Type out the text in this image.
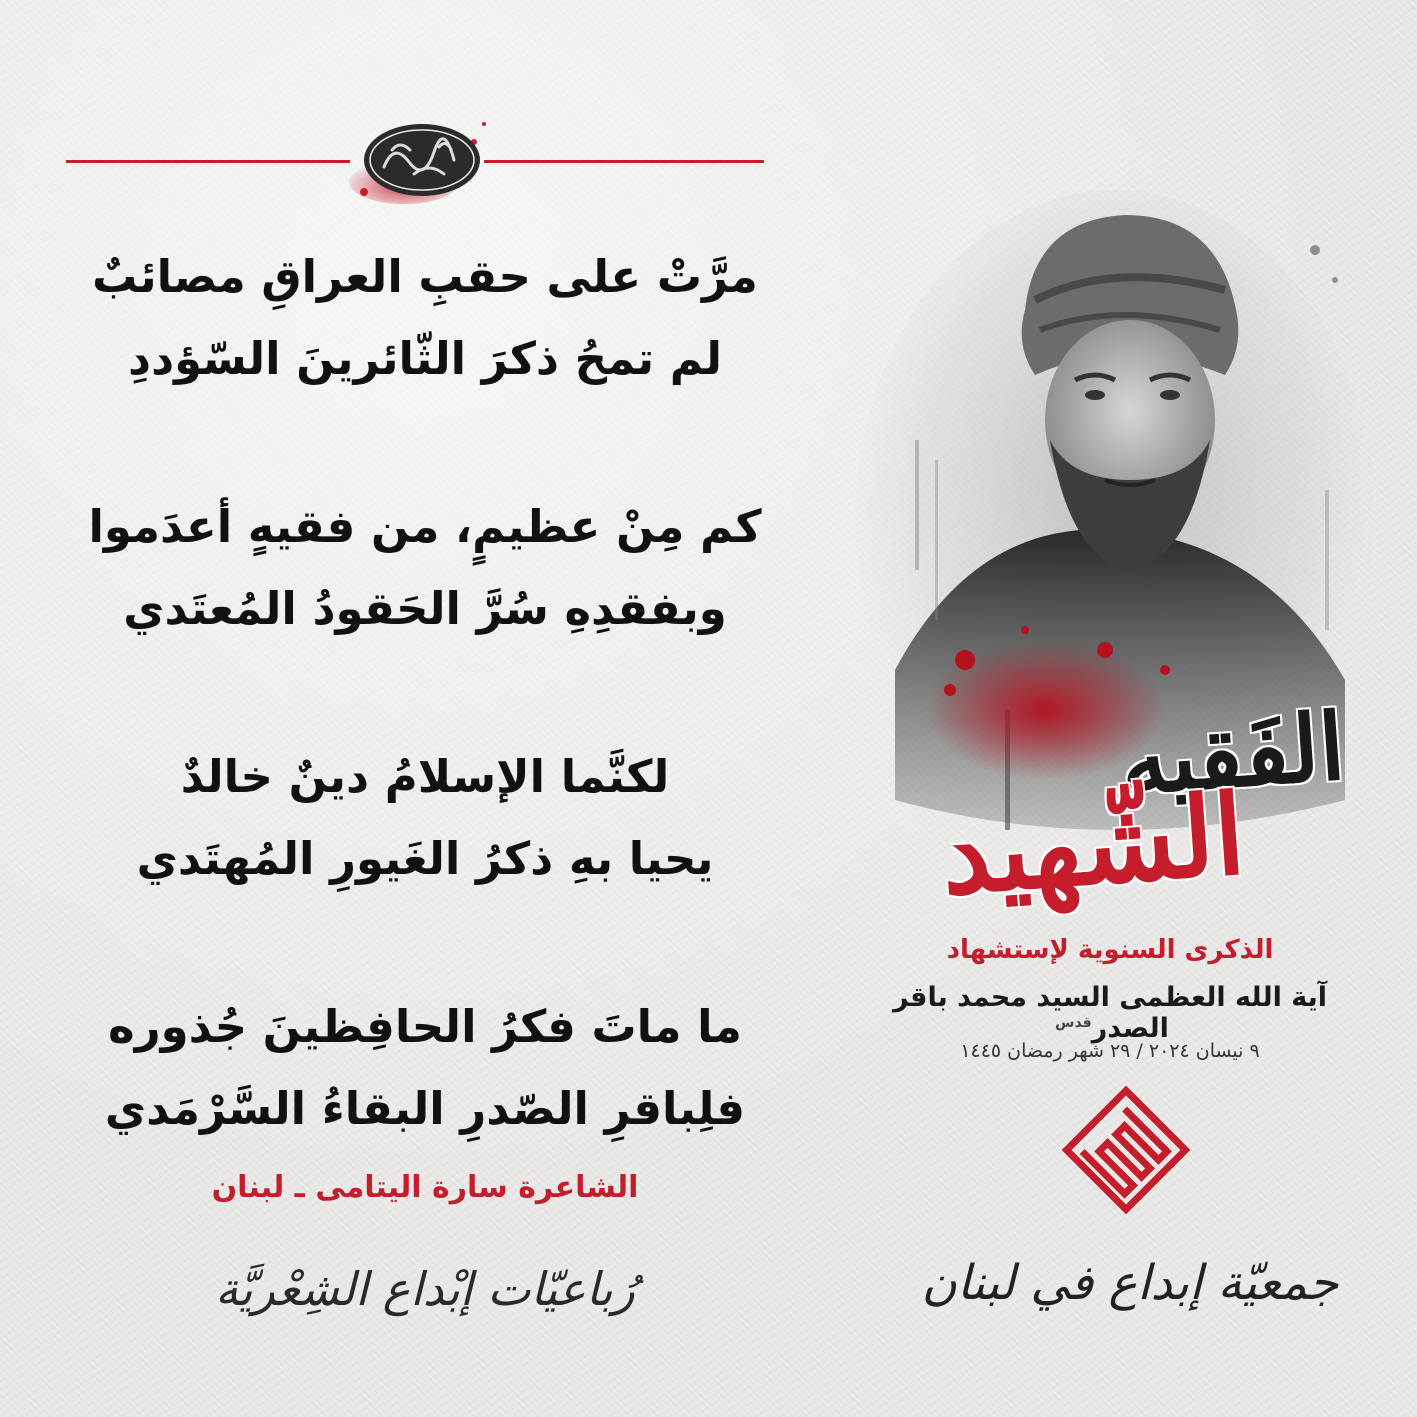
مرَّتْ على حقبِ العراقِ مصائبٌ
لم تمحُ ذكرَ الثّائرينَ السّؤددِ
كم مِنْ عظيمٍ، من فقيهٍ أعدَموا
وبفقدِهِ سُرَّ الحَقودُ المُعتَدي
لكنَّما الإسلامُ دينٌ خالدٌ
يحيا بهِ ذكرُ الغَيورِ المُهتَدي
ما ماتَ فكرُ الحافِظينَ جُذوره
فلِباقرِ الصّدرِ البقاءُ السَّرْمَدي
الشاعرة سارة اليتامى ـ لبنان
رُباعيّات إبْداع الشِعْريَّة
الفَقيه
الشّهيد
الذكرى السنوية لإستشهاد
آية الله العظمى السيد محمد باقر الصدر$^{قدس}$
٩ نيسان ٢٠٢٤ / ٢٩ شهر رمضان ١٤٤٥
جمعيّة إبداع في لبنان
